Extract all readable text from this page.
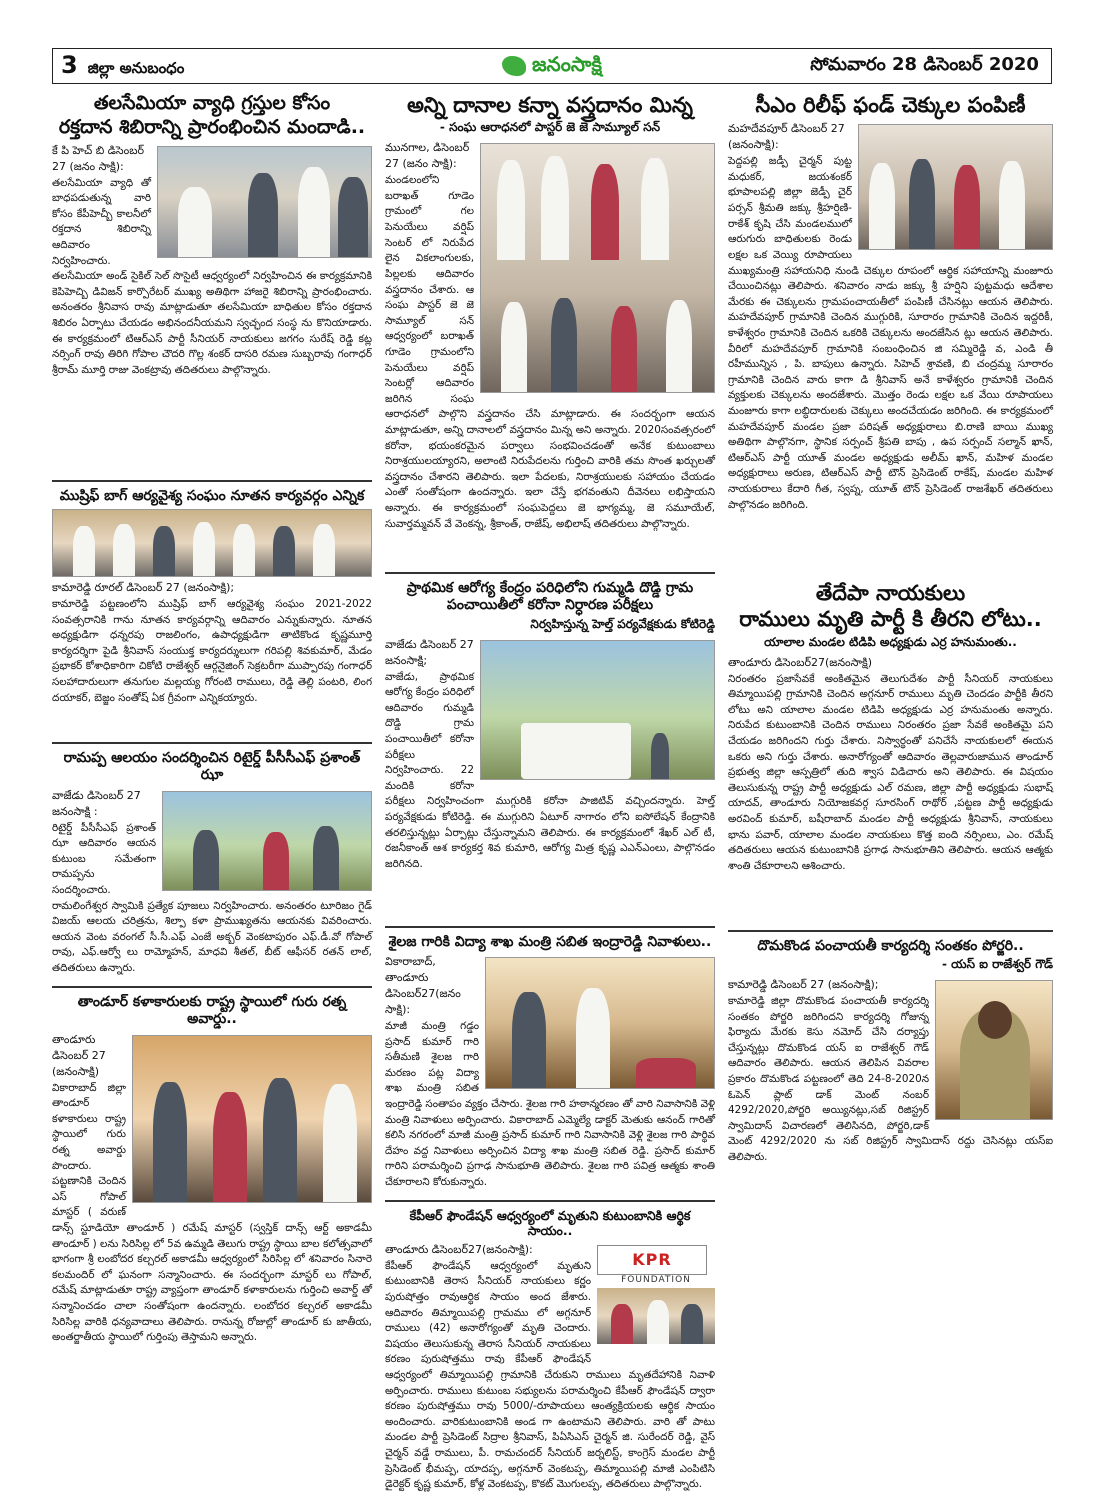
3 జిల్లా అనుబంధం	జనంసాక్షి	సోమవారం 28 డిసెంబర్ 2020
తలసేమియా వ్యాధి గ్రస్తుల కోసం
రక్తదాన శిబిరాన్ని ప్రారంభించిన మందాడి..
కే పి హెచ్ బి డిసెంబర్ 27 (జనం సాక్షి):
తలసేమియా వ్యాధి తో బాధపడుతున్న వారి కోసం కేపీహెచ్బీ కాలనీలో రక్తదాన శిబిరాన్ని ఆదివారం నిర్వహించారు. తలసేమియా అండ్ సైకిల్ సెల్ సొసైటీ ఆధ్వర్యంలో నిర్వహించిన ఈ కార్యక్రమానికి కెపిహెచ్బి డివిజన్ కార్పొరేటర్ ముఖ్య అతిథిగా హాజరై శిబిరాన్ని ప్రారంభించారు. అనంతరం శ్రీనివాస రావు మాట్లాడుతూ తలసేమియా బాధితుల కోసం రక్తదాన శిబిరం ఏర్పాటు చేయడం అభినందనీయమని స్వచ్ఛంద సంస్థ ను కొనియాడారు. ఈ కార్యక్రమంలో టిఆర్ఎస్ పార్టీ సీనియర్ నాయకులు జగగం సురేష్ రెడ్డి కట్ల నర్సింగ్ రావు తిరిగి గోపాల చౌదరి గొల్ల శంకర్ దాసరి రమణ సుబ్బరావు గంగాధర్ శ్రీరామ్ మూర్తి రాజు వెంకట్రావు తదితరులు పాల్గొన్నారు.
ముష్రిఫ్ బాగ్ ఆర్యవైశ్య సంఘం నూతన కార్యవర్గం ఎన్నిక
కామారెడ్డి రూరల్ డిసెంబర్ 27 (జనంసాక్షి);
కామారెడ్డి పట్టణంలోని ముష్రిఫ్ బాగ్ ఆర్యవైశ్య సంఘం 2021-2022 సంవత్సరానికి గాను నూతన కార్యవర్గాన్ని ఆదివారం ఎన్నుకున్నారు. నూతన అధ్యక్షుడిగా ధన్నరపు రాజలింగం, ఉపాధ్యక్షుడిగా తాటికొండ కృష్ణమూర్తి కార్యదర్శిగా పైడి శ్రీనివాస్ సంయుక్త కార్యదర్శులుగా గరిపల్లి శివకుమార్, మేడం ప్రభాకర్ కోశాధికారిగా చికోటి రాజేశ్వర్ ఆర్గనైజింగ్ సెక్రటరీగా ముప్పారపు గంగాధర్ సలహాదారులుగా తనుగుల మల్లయ్య గోరంటి రాములు, రెడ్డి తెల్లి పంటరి, లింగ దయాకర్, బెజ్జం సంతోష్ ఏక గ్రీవంగా ఎన్నికయ్యారు.
రామప్ప ఆలయం సందర్శించిన రిటైర్డ్ పీసీసీఎఫ్ ప్రశాంత్ ఝా
వాజేడు డిసెంబర్ 27 జనంసాక్షి :
రిటైర్డ్ పీసీసీఎఫ్ ప్రశాంత్ ఝా ఆదివారం ఆయన కుటుంబ సమేతంగా రామప్పను సందర్శించారు. రామలింగేశ్వర స్వామికి ప్రత్యేక పూజలు నిర్వహించారు. అనంతరం టూరిజం గైడ్ విజయ్ ఆలయ చరిత్రను, శిల్పా కళా ప్రాముఖ్యతను ఆయనకు వివరించారు. ఆయన వెంట వరంగల్ సీ.సీ.ఎఫ్ ఎంజే అక్బర్ వెంకటాపురం ఎఫ్.డీ.వో గోపాల్ రావు, ఎఫ్.ఆర్వో లు రామ్మోహన్, మాధవి శీతల్, బీట్ ఆఫీసర్ రతన్ లాల్, తదితరులు ఉన్నారు.
తాండూర్ కళాకారులకు రాష్ట్ర స్థాయిలో గురు రత్న అవార్డు..
తాండూరు డిసెంబర్ 27 (జనంసాక్షి)
వికారాబాద్ జిల్లా తాండూర్ కళాకారులు రాష్ట్ర స్థాయిలో గురు రత్న అవార్డు పొందారు. పట్టణానికి చెందిన ఎస్ గోపాల్ మాస్టర్ ( వరుణ్ డాన్స్ స్టూడియో తాండూర్ ) రమేష్ మాస్టర్ (స్వస్తిక్ దాన్స్ ఆర్ట్ అకాడమీ తాండూర్ ) లను సిరిసిల్ల లో 5వ ఉమ్మడి తెలుగు రాష్ట్ర స్థాయి బాల కలోత్సవాలో భాగంగా శ్రీ లంబోదర కల్చరల్ అకాడమీ ఆధ్వర్యంలో సిరిసిల్ల లో శనివారం సినారె కలమందిర్ లో ఘనంగా సన్మానించారు. ఈ సందర్భంగా మాస్టర్ లు గోపాల్, రమేష్ మాట్లాడుతూ రాష్ట్ర వ్యాప్తంగా తాండూర్ కళాకారులను గుర్తించి అవార్డ్ తో సన్మానించడం చాలా సంతోషంగా ఉందన్నారు. లంబోదర కల్చరల్ అకాడమీ సిరిసిల్ల వారికి ధన్యవాదాలు తెలిపారు. రానున్న రోజుల్లో తాండూర్ కు జాతీయ, అంతర్జాతీయ స్థాయిలో గుర్తింపు తెస్తామని అన్నారు.
అన్ని దానాల కన్నా వస్త్రదానం మిన్న
- సంఘ ఆరాధనలో పాస్టర్ జె జె సామ్యూల్ సన్
మునగాల, డిసెంబర్ 27 (జనం సాక్షి):
మండలంలోని బరాఖత్ గూడెం గ్రామంలో గల పెనుయేలు వర్షిప్ సెంటర్ లో నిరుపేద లైన వికలాంగులకు, పిల్లలకు ఆదివారం వస్త్రదానం చేశారు. ఆ సంఘ పాస్టర్ జె జె సామ్యూల్ సన్ ఆధ్వర్యంలో బరాఖత్ గూడెం గ్రామంలోని పెనుయేలు వర్షిప్ సెంటర్లో ఆదివారం జరిగిన సంఘ ఆరాధనలో పాల్గొని వస్త్రదానం చేసి మాట్లాడారు. ఈ సందర్భంగా ఆయన మాట్లాడుతూ, అన్ని దానాలలో వస్త్రదానం మిన్న అని అన్నారు. 2020సంవత్సరంలో కరోనా, భయంకరమైన పర్వాలు సంభవించడంతో అనేక కుటుంబాలు నిరాశ్రయులయ్యారని, అలాంటి నిరుపేదలను గుర్తించి వారికి తమ సొంత ఖర్చులతో వస్త్రదానం చేశారని తెలిపారు. ఇలా పేదలకు, నిరాశ్రయులకు సహాయం చేయడం ఎంతో సంతోషంగా ఉందన్నారు. ఇలా చేస్తే భగవంతుని దీవెనలు లభిస్తాయని అన్నారు. ఈ కార్యక్రమంలో సంఘపెద్దలు జె భాగ్యమ్మ, జె సమూయేల్, సువార్తమ్మవన్ వే వెంకన్న, శ్రీకాంత్, రాజేష్, అభిలాష్ తదితరులు పాల్గొన్నారు.
ప్రాథమిక ఆరోగ్య కేంద్రం పరిధిలోని గుమ్మడి దొడ్డి గ్రామ
పంచాయితీలో కరోనా నిర్ధారణ పరీక్షలు
నిర్వహిస్తున్న హెల్త్ పర్యవేక్షకుడు కోటిరెడ్డి
వాజేడు డిసెంబర్ 27 జనంసాక్షి;
వాజేడు, ప్రాథమిక ఆరోగ్య కేంద్రం పరిధిలో ఆదివారం గుమ్మడి దొడ్డి గ్రామ పంచాయితీలో కరోనా పరీక్షలు నిర్వహించారు. 22 మందికి కరోనా పరీక్షలు నిర్వహించంగా ముగ్గురికి కరోనా పాజిటివ్ వచ్చిందన్నారు. హెల్త్ పర్యవేక్షకుడు కోటిరెడ్డి. ఈ ముగ్గురిని ఏటూర్ నాగారం లోని ఐసోలేషన్ కేంద్రానికి తరలిస్తున్నట్లు ఏర్పాట్లు చేస్తున్నామని తెలిపారు. ఈ కార్యక్రమంలో శేఖర్ ఎల్ టీ, రజనీకాంత్ ఆశ కార్యకర్త శివ కుమారి, ఆరోగ్య మిత్ర కృష్ణ ఎఎన్ఎంలు, పాల్గొనడం జరిగినది.
శైలజ గారికి విద్యా శాఖ మంత్రి సబిత ఇంద్రారెడ్డి నివాళులు..
వికారాబాద్, తాండూరు డిసెంబర్27(జనం సాక్షి):
మాజీ మంత్రి గడ్డం ప్రసాద్ కుమార్ గారి సతీమణి శైలజ గారి మరణం పట్ల విద్యా శాఖ మంత్రి సబిత ఇంద్రారెడ్డి సంతాపం వ్యక్తం చేసారు. శైలజ గారి హఠాన్మరణం తో వారి నివాసానికి వెళ్లి మంత్రి నివాళులు అర్పించారు. వికారాబాద్ ఎమ్మెల్యే డాక్టర్ మెతుకు ఆనంద్ గారితో కలిసి నగరంలో మాజీ మంత్రి ప్రసాద్ కుమార్ గారి నివాసానికి వెళ్లి శైలజ గారి పార్థివ దేహం వద్ద నివాళులు అర్పించిన విద్యా శాఖ మంత్రి సబిత రెడ్డి. ప్రసాద్ కుమార్ గారిని పరామర్శించి ప్రగాఢ సానుభూతి తెలిపారు. శైలజ గారి పవిత్ర ఆత్మకు శాంతి చేకూరాలని కోరుకున్నారు.
కేపీఆర్ ఫౌండేషన్ ఆధ్వర్యంలో మృతుని కుటుంబానికి ఆర్థిక సాయం..
KPR
FOUNDATION
తాండూరు డిసెంబర్27(జనంసాక్షి):
కేపీఆర్ ఫౌండేషన్ ఆధ్వర్యంలో మృతుని కుటుంబానికి తెరాస సీనియర్ నాయకులు కర్ణం పురుషోత్తం రావుఆర్థిక సాయం అంద జేశారు. ఆదివారం తిమ్మాయిపల్లి గ్రామము లో అగ్గనూర్ రాములు (42) అనారోగ్యంతో మృతి చెందారు. విషయం తెలుసుకున్న తెరాస సీనియర్ నాయకులు కరణం పురుషోత్తము రావు కేపీఆర్ ఫౌండేషన్ ఆధ్వర్యంలో తిమ్మాయిపల్లి గ్రామానికి చేరుకుని రాములు మృతదేహానికి నివాళి అర్పించారు. రాములు కుటుంబ సభ్యులను పరామర్శించి కేపీఆర్ ఫౌండేషన్ ద్వారా కరణం పురుషోత్తము రావు 5000/-రూపాయలు ఆంత్యక్రియలకు ఆర్థిక సాయం అందించారు. వారికుటుంబానికి అండ గా ఉంటామని తెలిపారు. వారి తో పాటు మండల పార్టీ ప్రెసిడెంట్ సిద్రాల శ్రీనివాస్, పిఏసిఎస్ చైర్మన్ జి. సురేందర్ రెడ్డి, వైస్ చైర్మన్ వడ్డే రాములు, పీ. రామచందర్ సీనియర్ జర్నలిస్ట్, కాంగ్రెస్ మండల పార్టీ ప్రెసిడెంట్ భీమప్ప, యాదప్ప, అగ్గనూర్ వెంకటప్ప, తిమ్మాయిపల్లి మాజీ ఎంపిటిసి డైరెక్టర్ కృష్ణ కుమార్, కోళ్ల వెంకటప్ప, కొకట్ మొగులప్ప, తదితరులు పాల్గొన్నారు.
సీఎం రిలీఫ్ ఫండ్ చెక్కుల పంపిణీ
మహదేవపూర్ డిసెంబర్ 27 (జనంసాక్షి):
పెద్దపల్లి జడ్పీ చైర్మన్ పుట్ట మధుకర్, జయశంకర్ భూపాలపల్లి జిల్లా జెడ్పీ చైర్ పర్సన్ శ్రీమతి జక్కు శ్రీహర్షిణి-రాకేశ్ కృషి చేసి మండలములో ఆరుగురు బాధితులకు రెండు లక్షల ఒక వెయ్యి రూపాయలు ముఖ్యమంత్రి సహాయనిధి నుండి చెక్కుల రూపంలో ఆర్థిక సహాయాన్ని మంజూరు చేయించినట్లు తెలిపారు. శనివారం నాడు జక్కు శ్రీ హర్షిని పుట్టమధు ఆదేశాల మేరకు ఈ చెక్కులను గ్రామపంచాయతీలో పంపిణీ చేసినట్లు ఆయన తెలిపారు. మహదేవపూర్ గ్రామానికి చెందిన ముగ్గురికి, సూరారం గ్రామానికి చెందిన ఇద్దరికీ, కాళేశ్వరం గ్రామానికి చెందిన ఒకరికి చెక్కులను అందజేసిన ట్లు ఆయన తెలిపారు. వీరిలో మహదేవపూర్ గ్రామానికి సంబంధించిన జి సమ్మిరెడ్డి వ, ఎండి తీ రహీమున్నిస , పి. బాపులు ఉన్నారు. సిహెచ్ శ్రావణి, బి చంద్రమ్మ సూరారం గ్రామానికి చెందిన వారు కాగా డి శ్రీనివాస్ అనే కాళేశ్వరం గ్రామానికి చెందిన వ్యక్తులకు చెక్కులను అందజేశారు. మొత్తం రెండు లక్షల ఒక వేయి రూపాయలు మంజూరు కాగా లబ్ధిదారులకు చెక్కులు అందచేయడం జరిగింది. ఈ కార్యక్రమంలో మహదేవపూర్ మండల ప్రజా పరిషత్ అధ్యక్షురాలు బి.రాణి బాయి ముఖ్య అతిథిగా పాల్గొనగా, స్థానిక సర్పంచ్ శ్రీపతి బాపు , ఉప సర్పంచ్ సల్మాన్ ఖాన్, టిఆర్ఎస్ పార్టీ యూత్ మండల అధ్యక్షుడు అలీమ్ ఖాన్, మహిళ మండల అధ్యక్షురాలు అరుణ, టిఆర్ఎస్ పార్టీ టౌన్ ప్రెసిడెంట్ రాకేష్, మండల మహిళ నాయకురాలు కేదారి గీత, స్వప్న, యూత్ టౌన్ ప్రెసిడెంట్ రాజశేఖర్ తదితరులు పాల్గొనడం జరిగింది.
తేదేపా నాయకులు
రాములు మృతి పార్టీ కి తీరని లోటు..
యాలాల మండల టిడిపి అధ్యక్షుడు ఎర్ర హనుమంతు..
తాండూరు డిసెంబర్27(జనంసాక్షి)
నిరంతరం ప్రజాసేవకే అంకితమైన తెలుగుదేశం పార్టీ సీనియర్ నాయకులు తిమ్మాయిపల్లి గ్రామానికి చెందిన అగ్గనూర్ రాములు మృతి చెందడం పార్టీకి తీరని లోటు అని యాలాల మండల టిడిపి అధ్యక్షుడు ఎర్ర హనుమంతు అన్నారు. నిరుపేద కుటుంబానికి చెందిన రాములు నిరంతరం ప్రజా సేవకే అంకితమై పని చేయడం జరిగిందని గుర్తు చేశారు. నిస్వార్థంతో పనిచేసే నాయకులలో ఈయన ఒకరు అని గుర్తు చేశారు. అనారోగ్యంతో ఆదివారం తెల్లవారుజామున తాండూర్ ప్రభుత్వ జిల్లా ఆస్పత్రిలో తుది శ్వాస విడిచారు అని తెలిపారు. ఈ విషయం తెలుసుకున్న రాష్ట్ర పార్టీ అధ్యక్షుడు ఎల్ రమణ, జిల్లా పార్టీ అధ్యక్షుడు సుభాష్ యాదవ్, తాండూరు నియోజకవర్గ సూరసింగ్ రాథోర్ ,పట్టణ పార్టీ అధ్యక్షుడు అరవింద్ కుమార్, బషీరాబాద్ మండల పార్టీ అధ్యక్షుడు శ్రీనివాస్, నాయకులు భాను పవార్, యాలాల మండల నాయకులు కొత్త ఐంది నర్సింలు, ఎం. రమేష్ తదితరులు ఆయన కుటుంబానికి ప్రగాఢ సానుభూతిని తెలిపారు. ఆయన ఆత్మకు శాంతి చేకూరాలని ఆశించారు.
దొమకొండ పంచాయతీ కార్యదర్శి సంతకం పోర్జరి..
- యస్ ఐ రాజేశ్వర్ గౌడ్
కామారెడ్డి డిసెంబర్ 27 (జనంసాక్షి);
కామారెడ్డి జిల్లా దొమకొండ పంచాయతీ కార్యదర్శి సంతకం పోర్జరి జరిగిందని కార్యదర్శి గోజున్న ఫిర్యాదు మేరకు కెసు నమోద్ చేసి దర్యాప్తు చేస్తున్నట్లు దొమకొండ యస్ ఐ రాజేశ్వర్ గౌడ్ ఆదివారం తెలిపారు. ఆయన తెలిపిన వివరాల ప్రకారం దొమకొండ పట్టణంలో తెది 24-8-2020న ఓపెన్ ప్లాట్ డాక్ మెంట్ నంబర్ 4292/2020,పోర్జరి అయ్యినట్లు,సబ్ రిజిస్ట్రర్ స్వామిదాస్ విచారణలో తెలిసినది, పోర్జరి,డాక్ మెంట్ 4292/2020 ను సబ్ రిజిస్ట్రర్ స్వామిదాస్ రద్దు చెసినట్లు యస్ఐ తెలిపారు.
